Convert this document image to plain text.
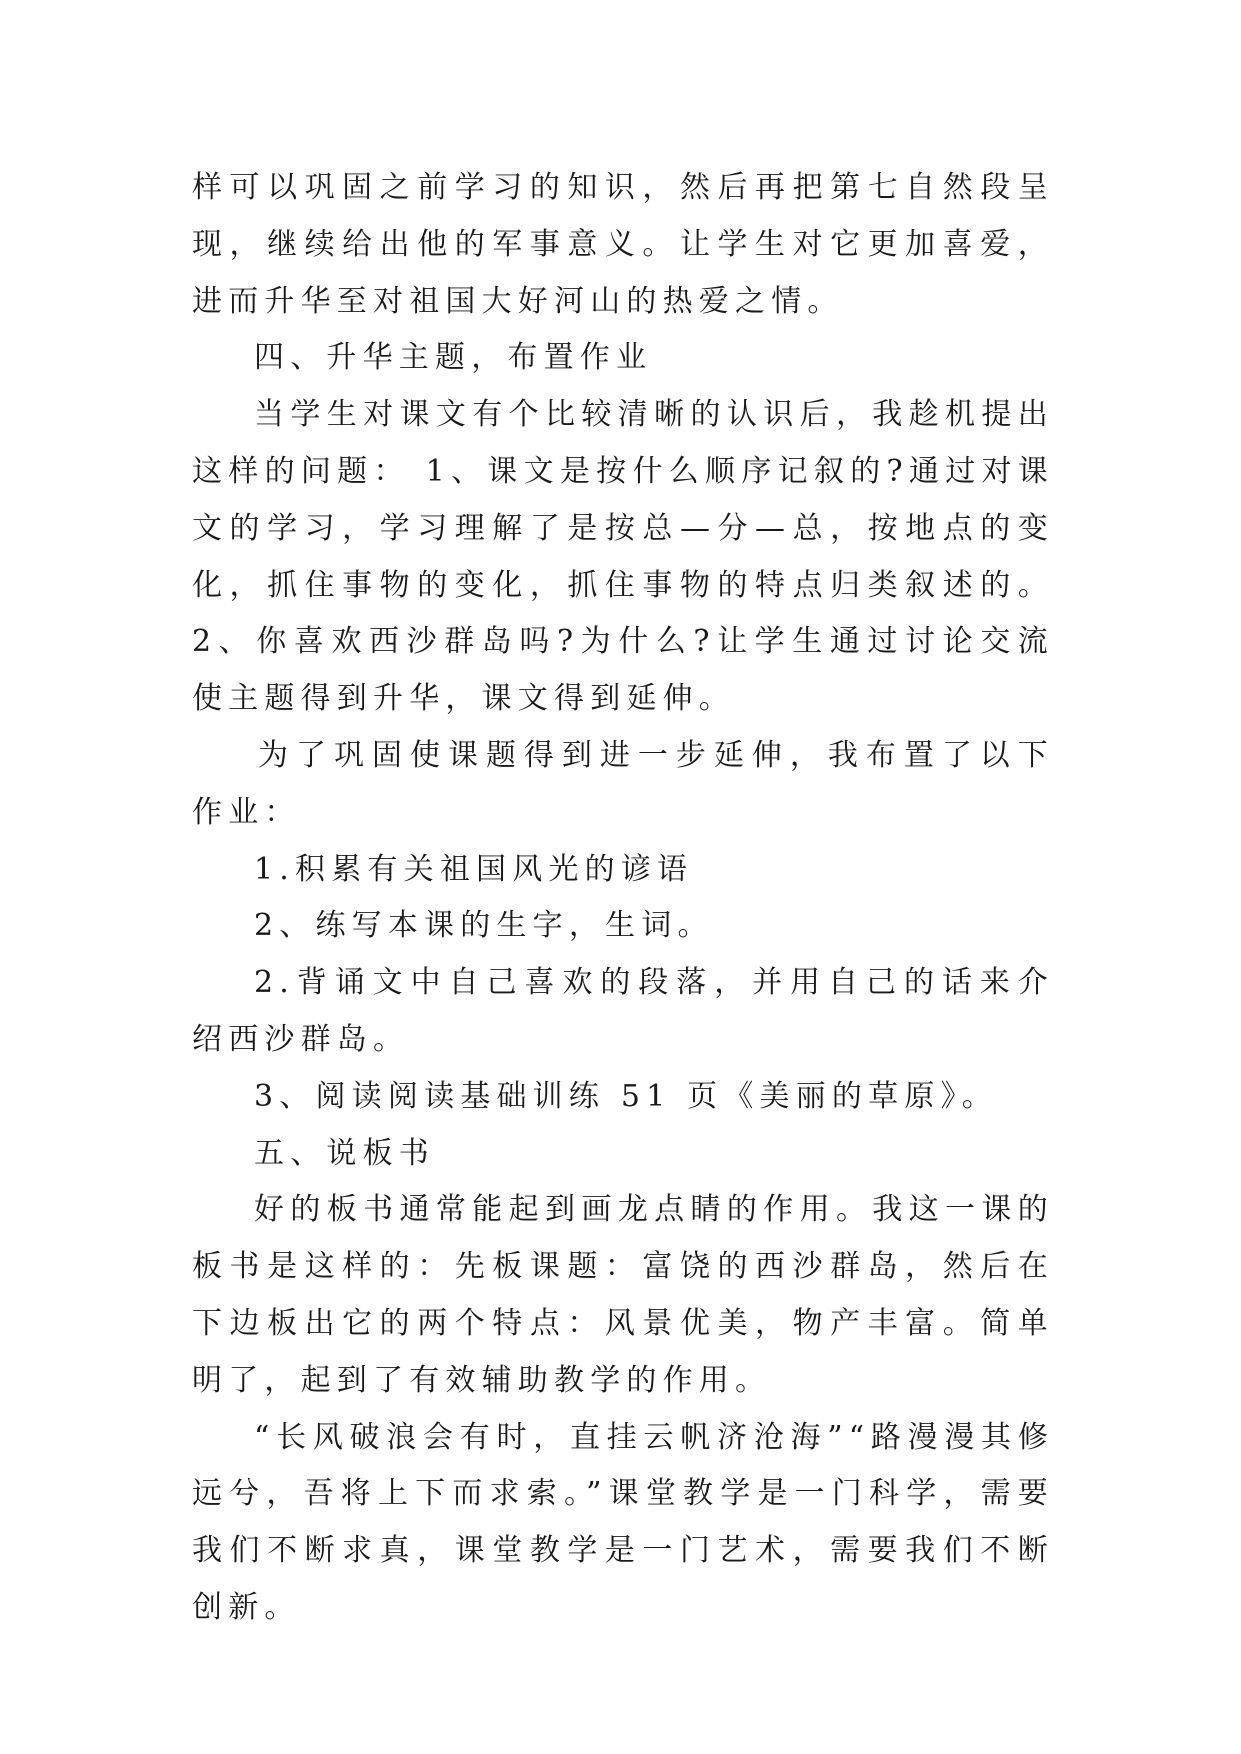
样可以巩固之前学习的知识，然后再把第七自然段呈现，继续给出他的军事意义。让学生对它更加喜爱，进而升华至对祖国大好河山的热爱之情。

四、升华主题，布置作业

当学生对课文有个比较清晰的认识后，我趁机提出这样的问题： 1、课文是按什么顺序记叙的?通过对课文的学习，学习理解了是按总—分—总，按地点的变化，抓住事物的变化，抓住事物的特点归类叙述的。 2、你喜欢西沙群岛吗?为什么?让学生通过讨论交流使主题得到升华，课文得到延伸。

为了巩固使课题得到进一步延伸，我布置了以下作业：

1.积累有关祖国风光的谚语

2、练写本课的生字，生词。

2.背诵文中自己喜欢的段落，并用自己的话来介绍西沙群岛。

3、阅读阅读基础训练 51 页《美丽的草原》。

五、说板书

好的板书通常能起到画龙点睛的作用。我这一课的板书是这样的：先板课题：富饶的西沙群岛，然后在下边板出它的两个特点：风景优美，物产丰富。简单明了，起到了有效辅助教学的作用。

“长风破浪会有时，直挂云帆济沧海”“路漫漫其修远兮，吾将上下而求索。”课堂教学是一门科学，需要我们不断求真，课堂教学是一门艺术，需要我们不断创新。
